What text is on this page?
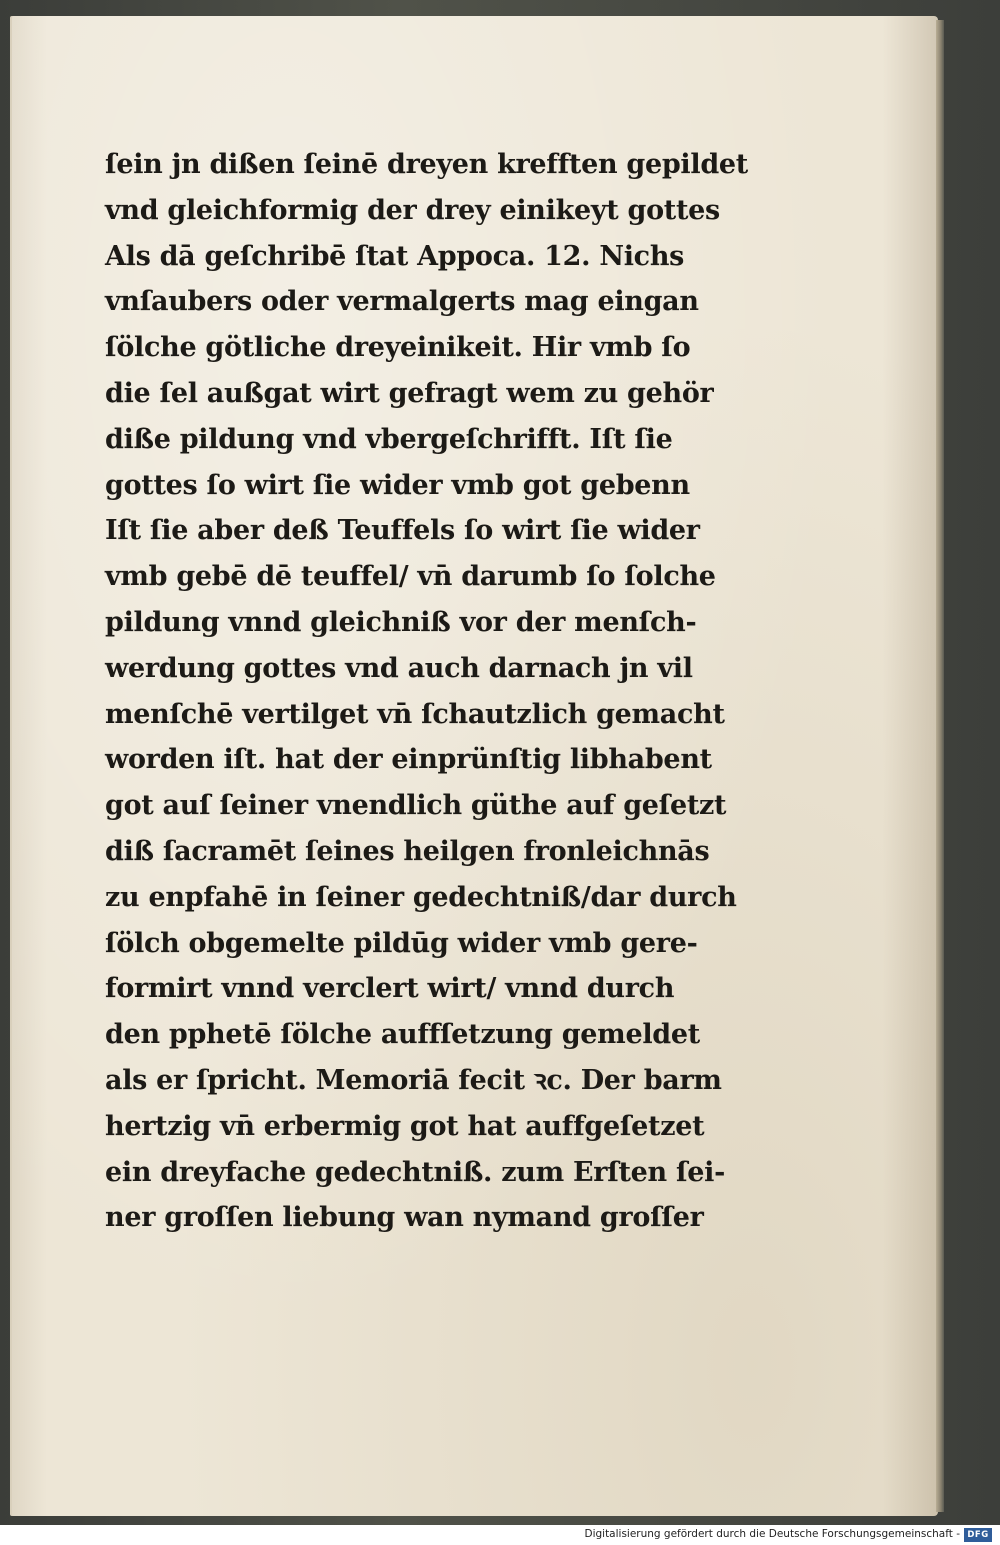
ſein jn dißen ſeinē dreyen krefften gepildet
vnd gleichformig der drey einikeyt gottes
Als dā geſchribē ſtat Appoca. 12. Nichs
vnſaubers oder vermalgerts mag eingan
ſölche götliche dreyeinikeit. Hir vmb ſo
die ſel außgat wirt gefragt wem zu gehör
diße pildung vnd vbergeſchrifft. Iſt ſie
gottes ſo wirt ſie wider vmb got gebenn
Iſt ſie aber deß Teuffels ſo wirt ſie wider
vmb gebē dē teuffel/ vn̄ darumb ſo ſolche
pildung vnnd gleichniß vor der menſch-
werdung gottes vnd auch darnach jn vil
menſchē vertilget vn̄ ſchautzlich gemacht
worden iſt. hat der einprünſtig libhabent
got auſ ſeiner vnendlich güthe auf geſetzt
diß ſacramēt ſeines heilgen fronleichnās
zu enpfahē in ſeiner gedechtniß/dar durch
ſölch obgemelte pildūg wider vmb gere-
formirt vnnd verclert wirt/ vnnd durch
den pphetē ſölche auffſetzung gemeldet
als er ſpricht. Memoriā fecit ꝛc. Der barm
hertzig vn̄ erbermig got hat auffgeſetzet
ein dreyfache gedechtniß. zum Erſten ſei-
ner groſſen liebung wan nymand groſſer
Digitalisierung gefördert durch die Deutsche Forschungsgemeinschaft - DFG
